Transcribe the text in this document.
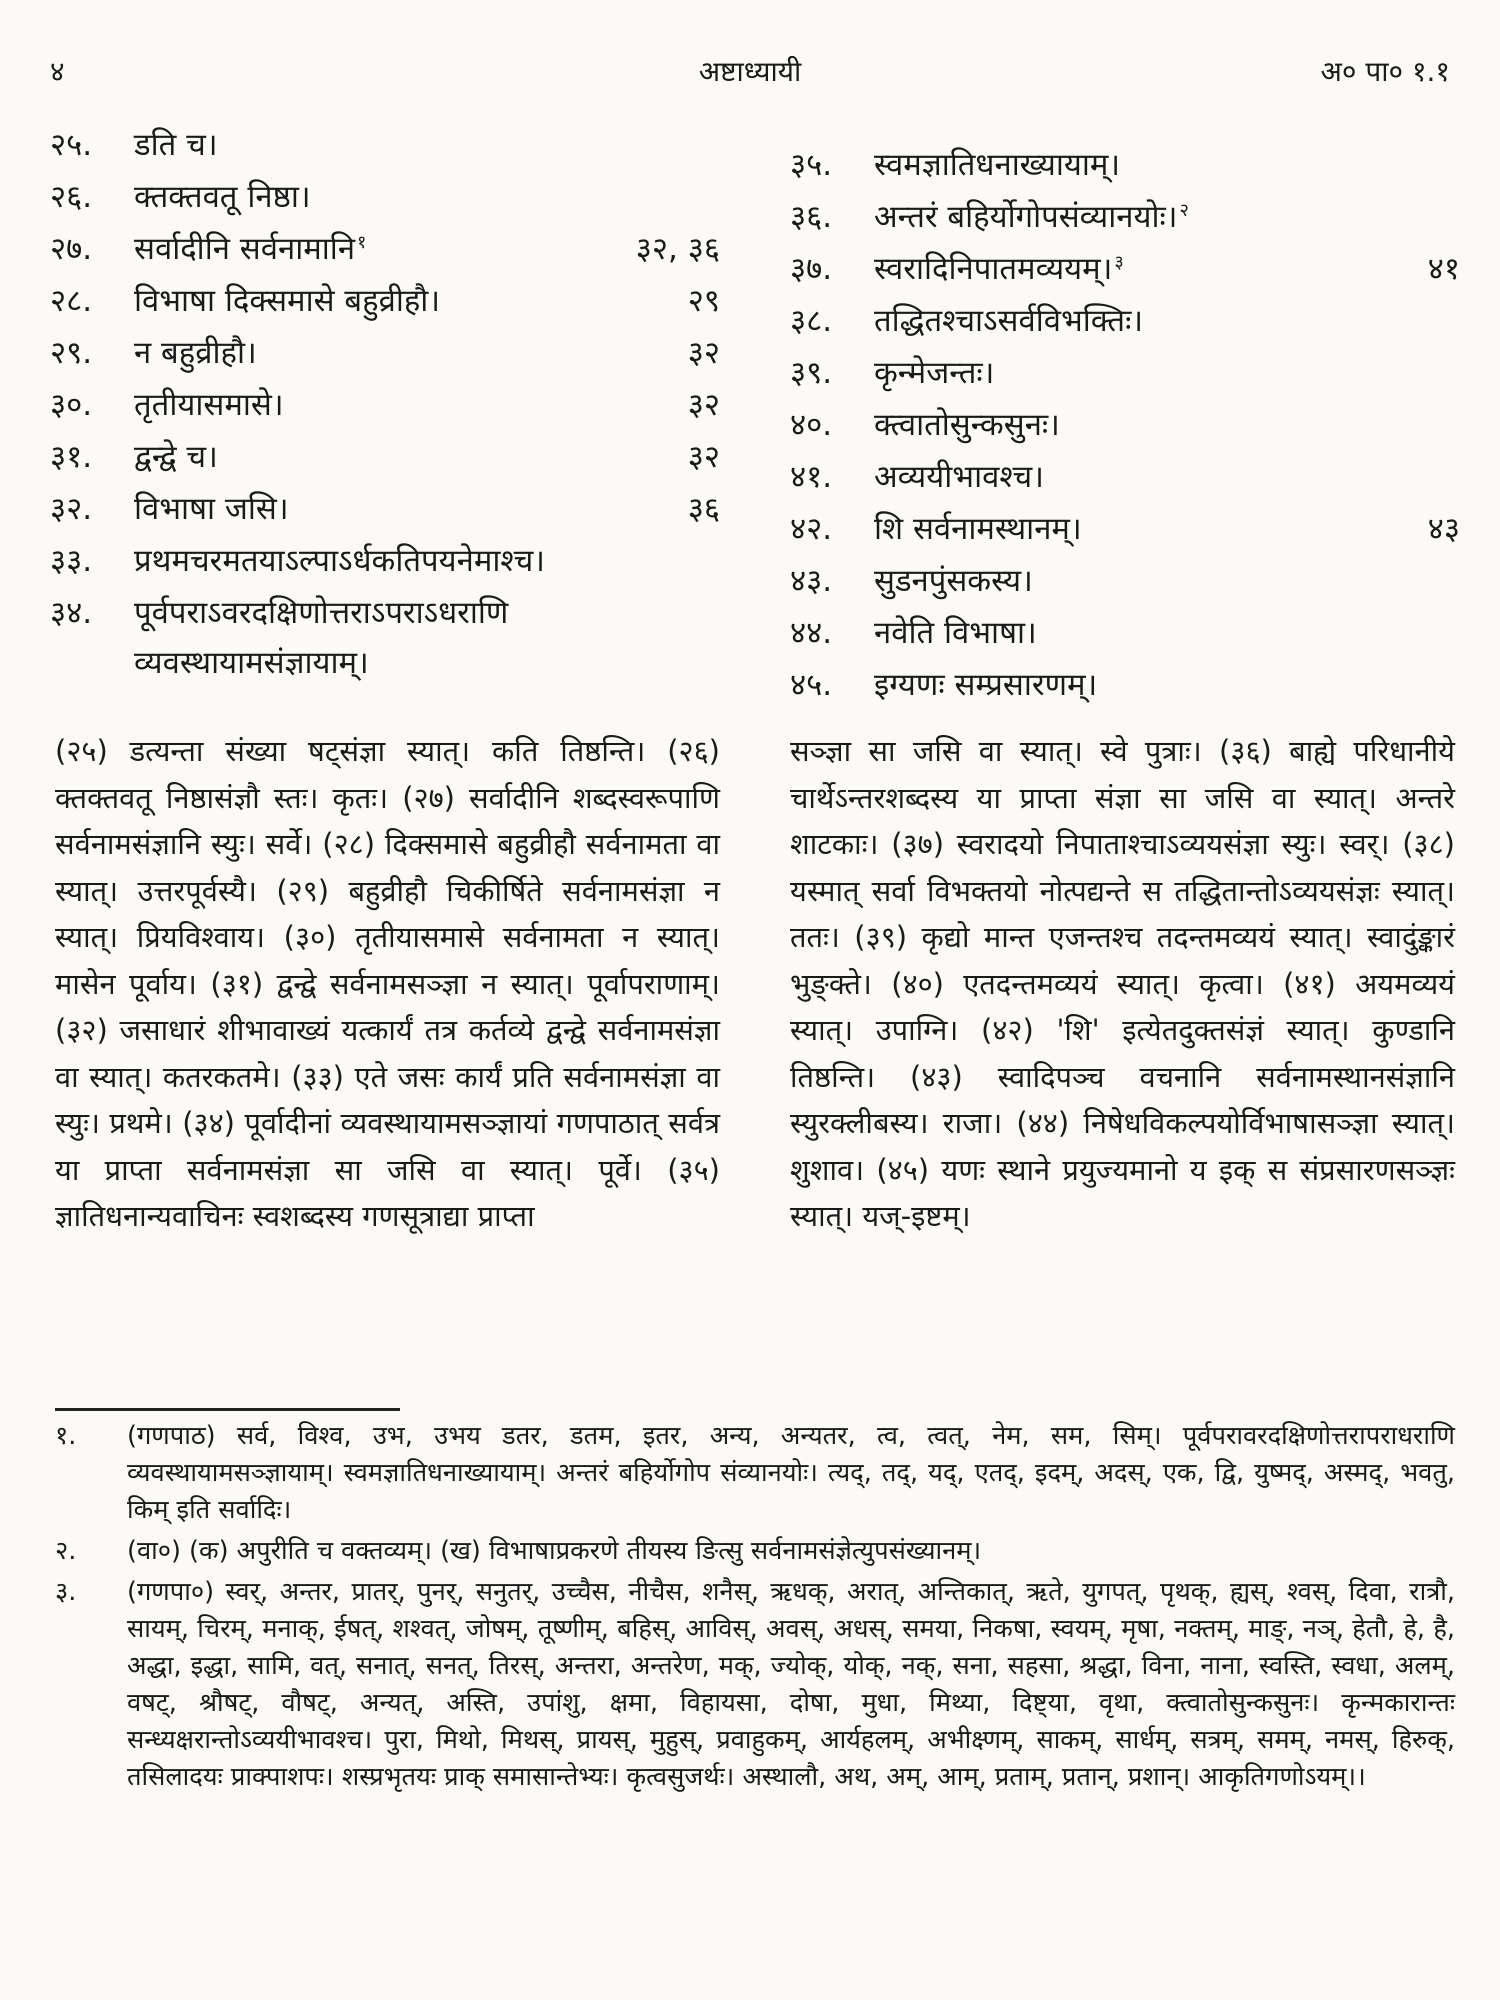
अष्टाध्यायी
४	अ० पा० १.१
२५.	डति च।
२६.	क्तक्तवतू निष्ठा।
२७.	सर्वादीनि सर्वनामानि $^१$	३२, ३६
२८.	विभाषा दिक्समासे बहुव्रीहौ।	२९
२९.	न बहुव्रीहौ।	३२
३०.	तृतीयासमासे।	३२
३१.	द्वन्द्वे च।	३२
३२.	विभाषा जसि।	३६
३३.	प्रथमचरमतयाऽल्पाऽर्धकतिपयनेमाश्च।
३४.	पूर्वपराऽवरदक्षिणोत्तराऽपराऽधराणि व्यवस्थायामसंज्ञायाम्।
३५.	स्वमज्ञातिधनाख्यायाम्।
३६.	अन्तरं बहिर्योगोपसंव्यानयोः। $^२$
३७.	स्वरादिनिपातमव्ययम्। $^३$	४१
३८.	तद्धितश्चाऽसर्वविभक्तिः।
३९.	कृन्मेजन्तः।
४०.	क्त्वातोसुन्कसुनः।
४१.	अव्ययीभावश्च।
४२.	शि सर्वनामस्थानम्।	४३
४३.	सुडनपुंसकस्य।
४४.	नवेति विभाषा।
४५.	इग्यणः सम्प्रसारणम्।
(२५) डत्यन्ता संख्या षट्संज्ञा स्यात्। कति तिष्ठन्ति। (२६) क्तक्तवतू निष्ठासंज्ञौ स्तः। कृतः। (२७) सर्वादीनि शब्दस्वरूपाणि सर्वनामसंज्ञानि स्युः। सर्वे। (२८) दिक्समासे बहुव्रीहौ सर्वनामता वा स्यात्। उत्तरपूर्वस्यै। (२९) बहुव्रीहौ चिकीर्षिते सर्वनामसंज्ञा न स्यात्। प्रियविश्वाय। (३०) तृतीयासमासे सर्वनामता न स्यात्। मासेन पूर्वाय। (३१) द्वन्द्वे सर्वनामसञ्ज्ञा न स्यात्। पूर्वापराणाम्। (३२) जसाधारं शीभावाख्यं यत्कार्यं तत्र कर्तव्ये द्वन्द्वे सर्वनामसंज्ञा वा स्यात्। कतरकतमे। (३३) एते जसः कार्यं प्रति सर्वनामसंज्ञा वा स्युः। प्रथमे। (३४) पूर्वादीनां व्यवस्थायामसञ्ज्ञायां गणपाठात् सर्वत्र या प्राप्ता सर्वनामसंज्ञा सा जसि वा स्यात्। पूर्वे। (३५) ज्ञातिधनान्यवाचिनः स्वशब्दस्य गणसूत्राद्या प्राप्ता
सञ्ज्ञा सा जसि वा स्यात्। स्वे पुत्राः। (३६) बाह्ये परिधानीये चार्थेऽन्तरशब्दस्य या प्राप्ता संज्ञा सा जसि वा स्यात्। अन्तरे शाटकाः। (३७) स्वरादयो निपाताश्चाऽव्ययसंज्ञा स्युः। स्वर्। (३८) यस्मात् सर्वा विभक्तयो नोत्पद्यन्ते स तद्धितान्तोऽव्ययसंज्ञः स्यात्। ततः। (३९) कृद्यो मान्त एजन्तश्च तदन्तमव्ययं स्यात्। स्वादुंङ्कारं भुङ्क्ते। (४०) एतदन्तमव्ययं स्यात्। कृत्वा। (४१) अयमव्ययं स्यात्। उपाग्नि। (४२) 'शि' इत्येतदुक्तसंज्ञं स्यात्। कुण्डानि तिष्ठन्ति। (४३) स्वादिपञ्च वचनानि सर्वनामस्थानसंज्ञानि स्युरक्लीबस्य। राजा। (४४) निषेधविकल्पयोर्विभाषासञ्ज्ञा स्यात्। शुशाव। (४५) यणः स्थाने प्रयुज्यमानो य इक् स संप्रसारणसञ्ज्ञः स्यात्। यज्-इष्टम्।
१. (गणपाठ) सर्व, विश्व, उभ, उभय डतर, डतम, इतर, अन्य, अन्यतर, त्व, त्वत्, नेम, सम, सिम्। पूर्वपरावरदक्षिणोत्तरापराधराणि व्यवस्थायामसञ्ज्ञायाम्। स्वमज्ञातिधनाख्यायाम्। अन्तरं बहिर्योगोप संव्यानयोः। त्यद्, तद्, यद्, एतद्, इदम्, अदस्, एक, द्वि, युष्मद्, अस्मद्, भवतु, किम् इति सर्वादिः।
२. (वा०) (क) अपुरीति च वक्तव्यम्। (ख) विभाषाप्रकरणे तीयस्य ङित्सु सर्वनामसंज्ञेत्युपसंख्यानम्।
३. (गणपा०) स्वर्, अन्तर, प्रातर्, पुनर्, सनुतर्, उच्चैस, नीचैस, शनैस्, ऋधक्, अरात्, अन्तिकात्, ऋते, युगपत्, पृथक्, ह्यस्, श्वस्, दिवा, रात्रौ, सायम्, चिरम्, मनाक्, ईषत्, शश्वत्, जोषम्, तूष्णीम्, बहिस्, आविस्, अवस्, अधस्, समया, निकषा, स्वयम्, मृषा, नक्तम्, माङ्, नञ्, हेतौ, हे, है, अद्धा, इद्धा, सामि, वत्, सनात्, सनत्, तिरस्, अन्तरा, अन्तरेण, मक्, ज्योक्, योक्, नक्, सना, सहसा, श्रद्धा, विना, नाना, स्वस्ति, स्वधा, अलम्, वषट्, श्रौषट्, वौषट्, अन्यत्, अस्ति, उपांशु, क्षमा, विहायसा, दोषा, मुधा, मिथ्या, दिष्ट्या, वृथा, क्त्वातोसुन्कसुनः। कृन्मकारान्तः सन्ध्यक्षरान्तोऽव्ययीभावश्च। पुरा, मिथो, मिथस्, प्रायस्, मुहुस्, प्रवाहुकम्, आर्यहलम्, अभीक्ष्णम्, साकम्, सार्धम्, सत्रम्, समम्, नमस्, हिरुक्, तसिलादयः प्राक्पाशपः। शस्प्रभृतयः प्राक् समासान्तेभ्यः। कृत्वसुजर्थः। अस्थालौ, अथ, अम्, आम्, प्रताम्, प्रतान्, प्रशान्। आकृतिगणोऽयम्।।
